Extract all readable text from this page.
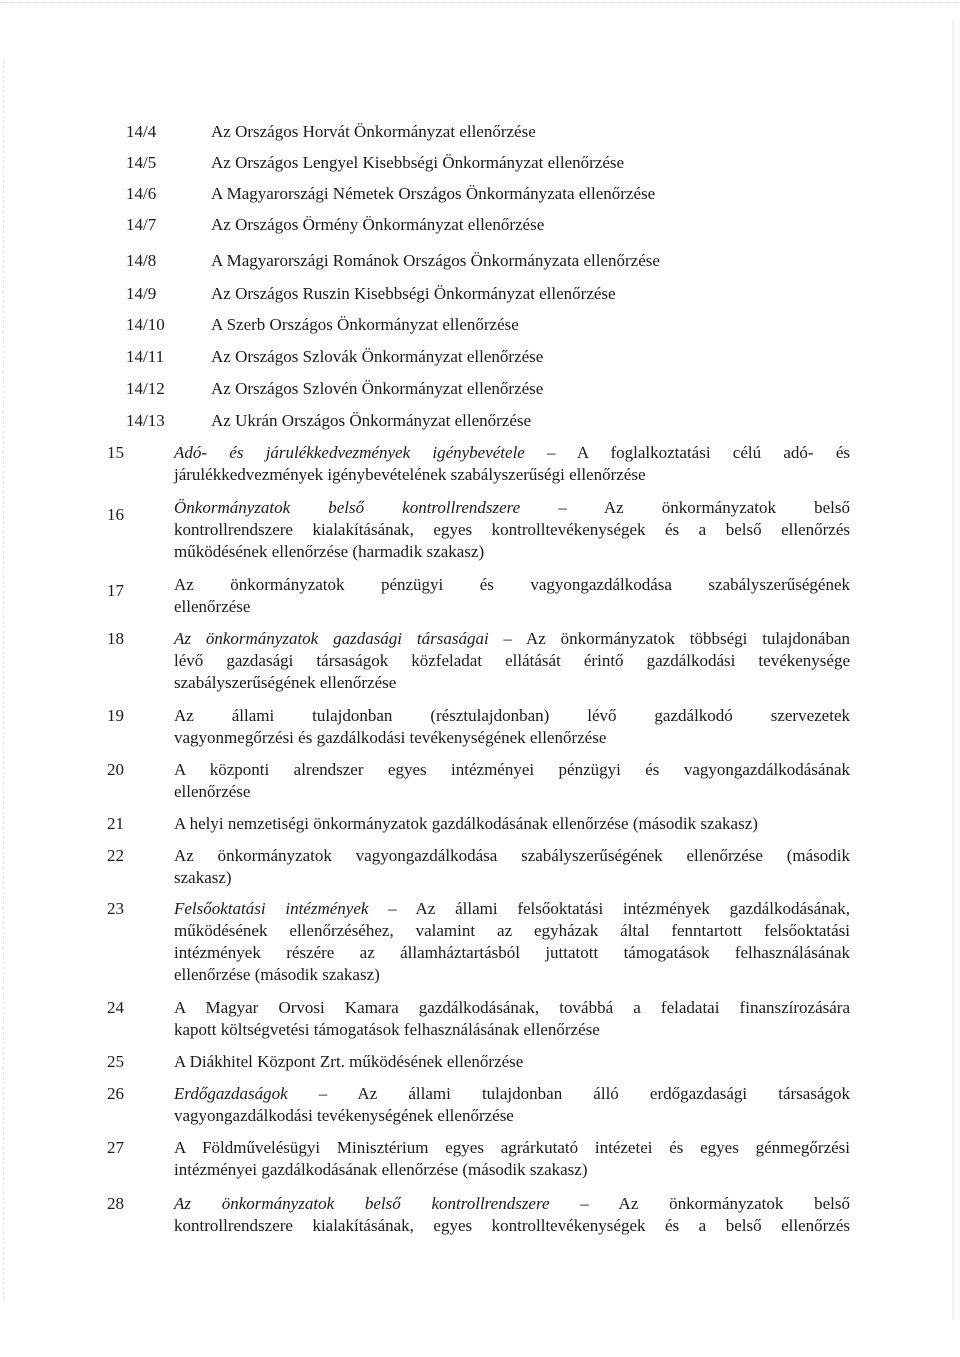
14/4	Az Országos Horvát Önkormányzat ellenőrzése
14/5	Az Országos Lengyel Kisebbségi Önkormányzat ellenőrzése
14/6	A Magyarországi Németek Országos Önkormányzata ellenőrzése
14/7	Az Országos Örmény Önkormányzat ellenőrzése
14/8	A Magyarországi Románok Országos Önkormányzata ellenőrzése
14/9	Az Országos Ruszin Kisebbségi Önkormányzat ellenőrzése
14/10	A Szerb Országos Önkormányzat ellenőrzése
14/11	Az Országos Szlovák Önkormányzat ellenőrzése
14/12	Az Országos Szlovén Önkormányzat ellenőrzése
14/13	Az Ukrán Országos Önkormányzat ellenőrzése
15	Adó- és járulékkedvezmények igénybevétele – A foglalkoztatási célú adó- és
járulékkedvezmények igénybevételének szabályszerűségi ellenőrzése
16	Önkormányzatok belső kontrollrendszere – Az önkormányzatok belső
kontrollrendszere kialakításának, egyes kontrolltevékenységek és a belső ellenőrzés
működésének ellenőrzése (harmadik szakasz)
17	Az önkormányzatok pénzügyi és vagyongazdálkodása szabályszerűségének
ellenőrzése
18	Az önkormányzatok gazdasági társaságai – Az önkormányzatok többségi tulajdonában
lévő gazdasági társaságok közfeladat ellátását érintő gazdálkodási tevékenysége
szabályszerűségének ellenőrzése
19	Az állami tulajdonban (résztulajdonban) lévő gazdálkodó szervezetek
vagyonmegőrzési és gazdálkodási tevékenységének ellenőrzése
20	A központi alrendszer egyes intézményei pénzügyi és vagyongazdálkodásának
ellenőrzése
21	A helyi nemzetiségi önkormányzatok gazdálkodásának ellenőrzése (második szakasz)
22	Az önkormányzatok vagyongazdálkodása szabályszerűségének ellenőrzése (második
szakasz)
23	Felsőoktatási intézmények – Az állami felsőoktatási intézmények gazdálkodásának,
működésének ellenőrzéséhez, valamint az egyházak által fenntartott felsőoktatási
intézmények részére az államháztartásból juttatott támogatások felhasználásának
ellenőrzése (második szakasz)
24	A Magyar Orvosi Kamara gazdálkodásának, továbbá a feladatai finanszírozására
kapott költségvetési támogatások felhasználásának ellenőrzése
25	A Diákhitel Központ Zrt. működésének ellenőrzése
26	Erdőgazdaságok – Az állami tulajdonban álló erdőgazdasági társaságok
vagyongazdálkodási tevékenységének ellenőrzése
27	A Földművelésügyi Minisztérium egyes agrárkutató intézetei és egyes génmegőrzési
intézményei gazdálkodásának ellenőrzése (második szakasz)
28	Az önkormányzatok belső kontrollrendszere – Az önkormányzatok belső
kontrollrendszere kialakításának, egyes kontrolltevékenységek és a belső ellenőrzés
